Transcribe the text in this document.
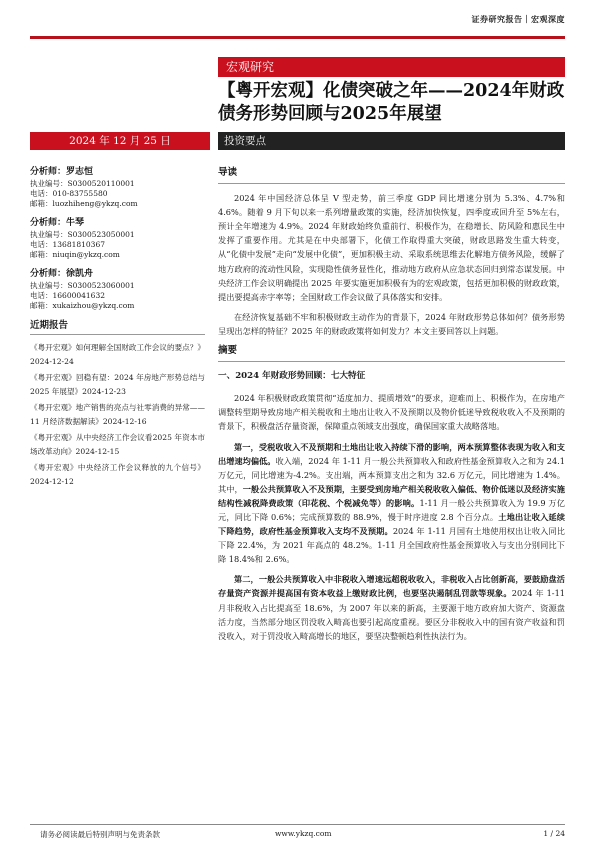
证券研究报告｜宏观深度
宏观研究
【粤开宏观】化债突破之年——2024年财政债务形势回顾与2025年展望
2024 年 12 月 25 日	投资要点
分析师：罗志恒
执业编号：S0300520110001
电话：010-83755580
邮箱：luozhiheng@ykzq.com
分析师：牛琴
执业编号：S0300523050001
电话：13681810367
邮箱：niuqin@ykzq.com
分析师：徐凯舟
执业编号：S0300523060001
电话：16600041632
邮箱：xukaizhou@ykzq.com
近期报告
《粤开宏观》如何理解全国财政工作会议的要点？》2024-12-24
《粤开宏观》回稳有望：2024 年房地产形势总结与2025 年展望》2024-12-23
《粤开宏观》地产销售的亮点与社零消费的异常——11 月经济数据解读》2024-12-16
《粤开宏观》从中央经济工作会议看2025 年资本市场改革动向》2024-12-15
《粤开宏观》中央经济工作会议释放的九个信号》2024-12-12
导读

2024 年中国经济总体呈 V 型走势，前三季度 GDP 同比增速分别为 5.3%、4.7%和 4.6%。随着 9 月下旬以来一系列增量政策的实施，经济加快恢复，四季度或回升至 5%左右，预计全年增速为 4.9%。2024 年财政始终负重前行、积极作为，在稳增长、防风险和惠民生中发挥了重要作用。尤其是在中央部署下，化债工作取得重大突破，财政思路发生重大转变，从“化债中发展”走向“发展中化债”，更加积极主动、采取系统思维去化解地方债务风险，缓解了地方政府的流动性风险，实现隐性债务显性化，推动地方政府从应急状态回归到常态谋发展。中央经济工作会议明确提出 2025 年要实施更加积极有为的宏观政策，包括更加积极的财政政策，提出要提高赤字率等；全国财政工作会议做了具体落实和安排。

在经济恢复基础不牢和积极财政主动作为的背景下，2024 年财政形势总体如何？债务形势呈现出怎样的特征？2025 年的财政政策将如何发力？本文主要回答以上问题。

摘要
一、2024 年财政形势回顾：七大特征

2024 年积极财政政策贯彻“适度加力、提质增效”的要求，迎难而上、积极作为，在房地产调整转型期导致房地产相关税收和土地出让收入不及预期以及物价低迷导致税收收入不及预期的背景下，积极盘活存量资源，保障重点领域支出强度，确保国家重大战略落地。

第一，受税收收入不及预期和土地出让收入持续下滑的影响，两本预算整体表现为收入和支出增速均偏低。收入端，2024 年 1-11 月一般公共预算收入和政府性基金预算收入之和为 24.1 万亿元，同比增速为-4.2%。支出端，两本预算支出之和为 32.6 万亿元，同比增速为 1.4%。其中，一般公共预算收入不及预期，主要受到房地产相关税收收入偏低、物价低迷以及经济实施结构性减税降费政策（印花税、个税减免等）的影响。1-11 月一般公共预算收入为 19.9 万亿元，同比下降 0.6%；完成预算数的 88.9%，慢于时序进度 2.8 个百分点。土地出让收入延续下降趋势，政府性基金预算收入支均不及预期。2024 年 1-11 月国有土地使用权出让收入同比下降 22.4%，为 2021 年高点的 48.2%。1-11 月全国政府性基金预算收入与支出分别同比下降 18.4%和 2.6%。

第二，一般公共预算收入中非税收入增速远超税收收入，非税收入占比创新高，要鼓励盘活存量资产资源并提高国有资本收益上缴财政比例，也要坚决遏制乱罚款等现象。2024 年 1-11 月非税收入占比提高至 18.6%，为 2007 年以来的新高，主要源于地方政府加大资产、资源盘活力度，当然部分地区罚没收入畸高也要引起高度重视。要区分非税收入中的国有资产收益和罚没收入，对于罚没收入畸高增长的地区，要坚决整顿趋利性执法行为。

请务必阅读最后特别声明与免责条款	www.ykzq.com	1 / 24
